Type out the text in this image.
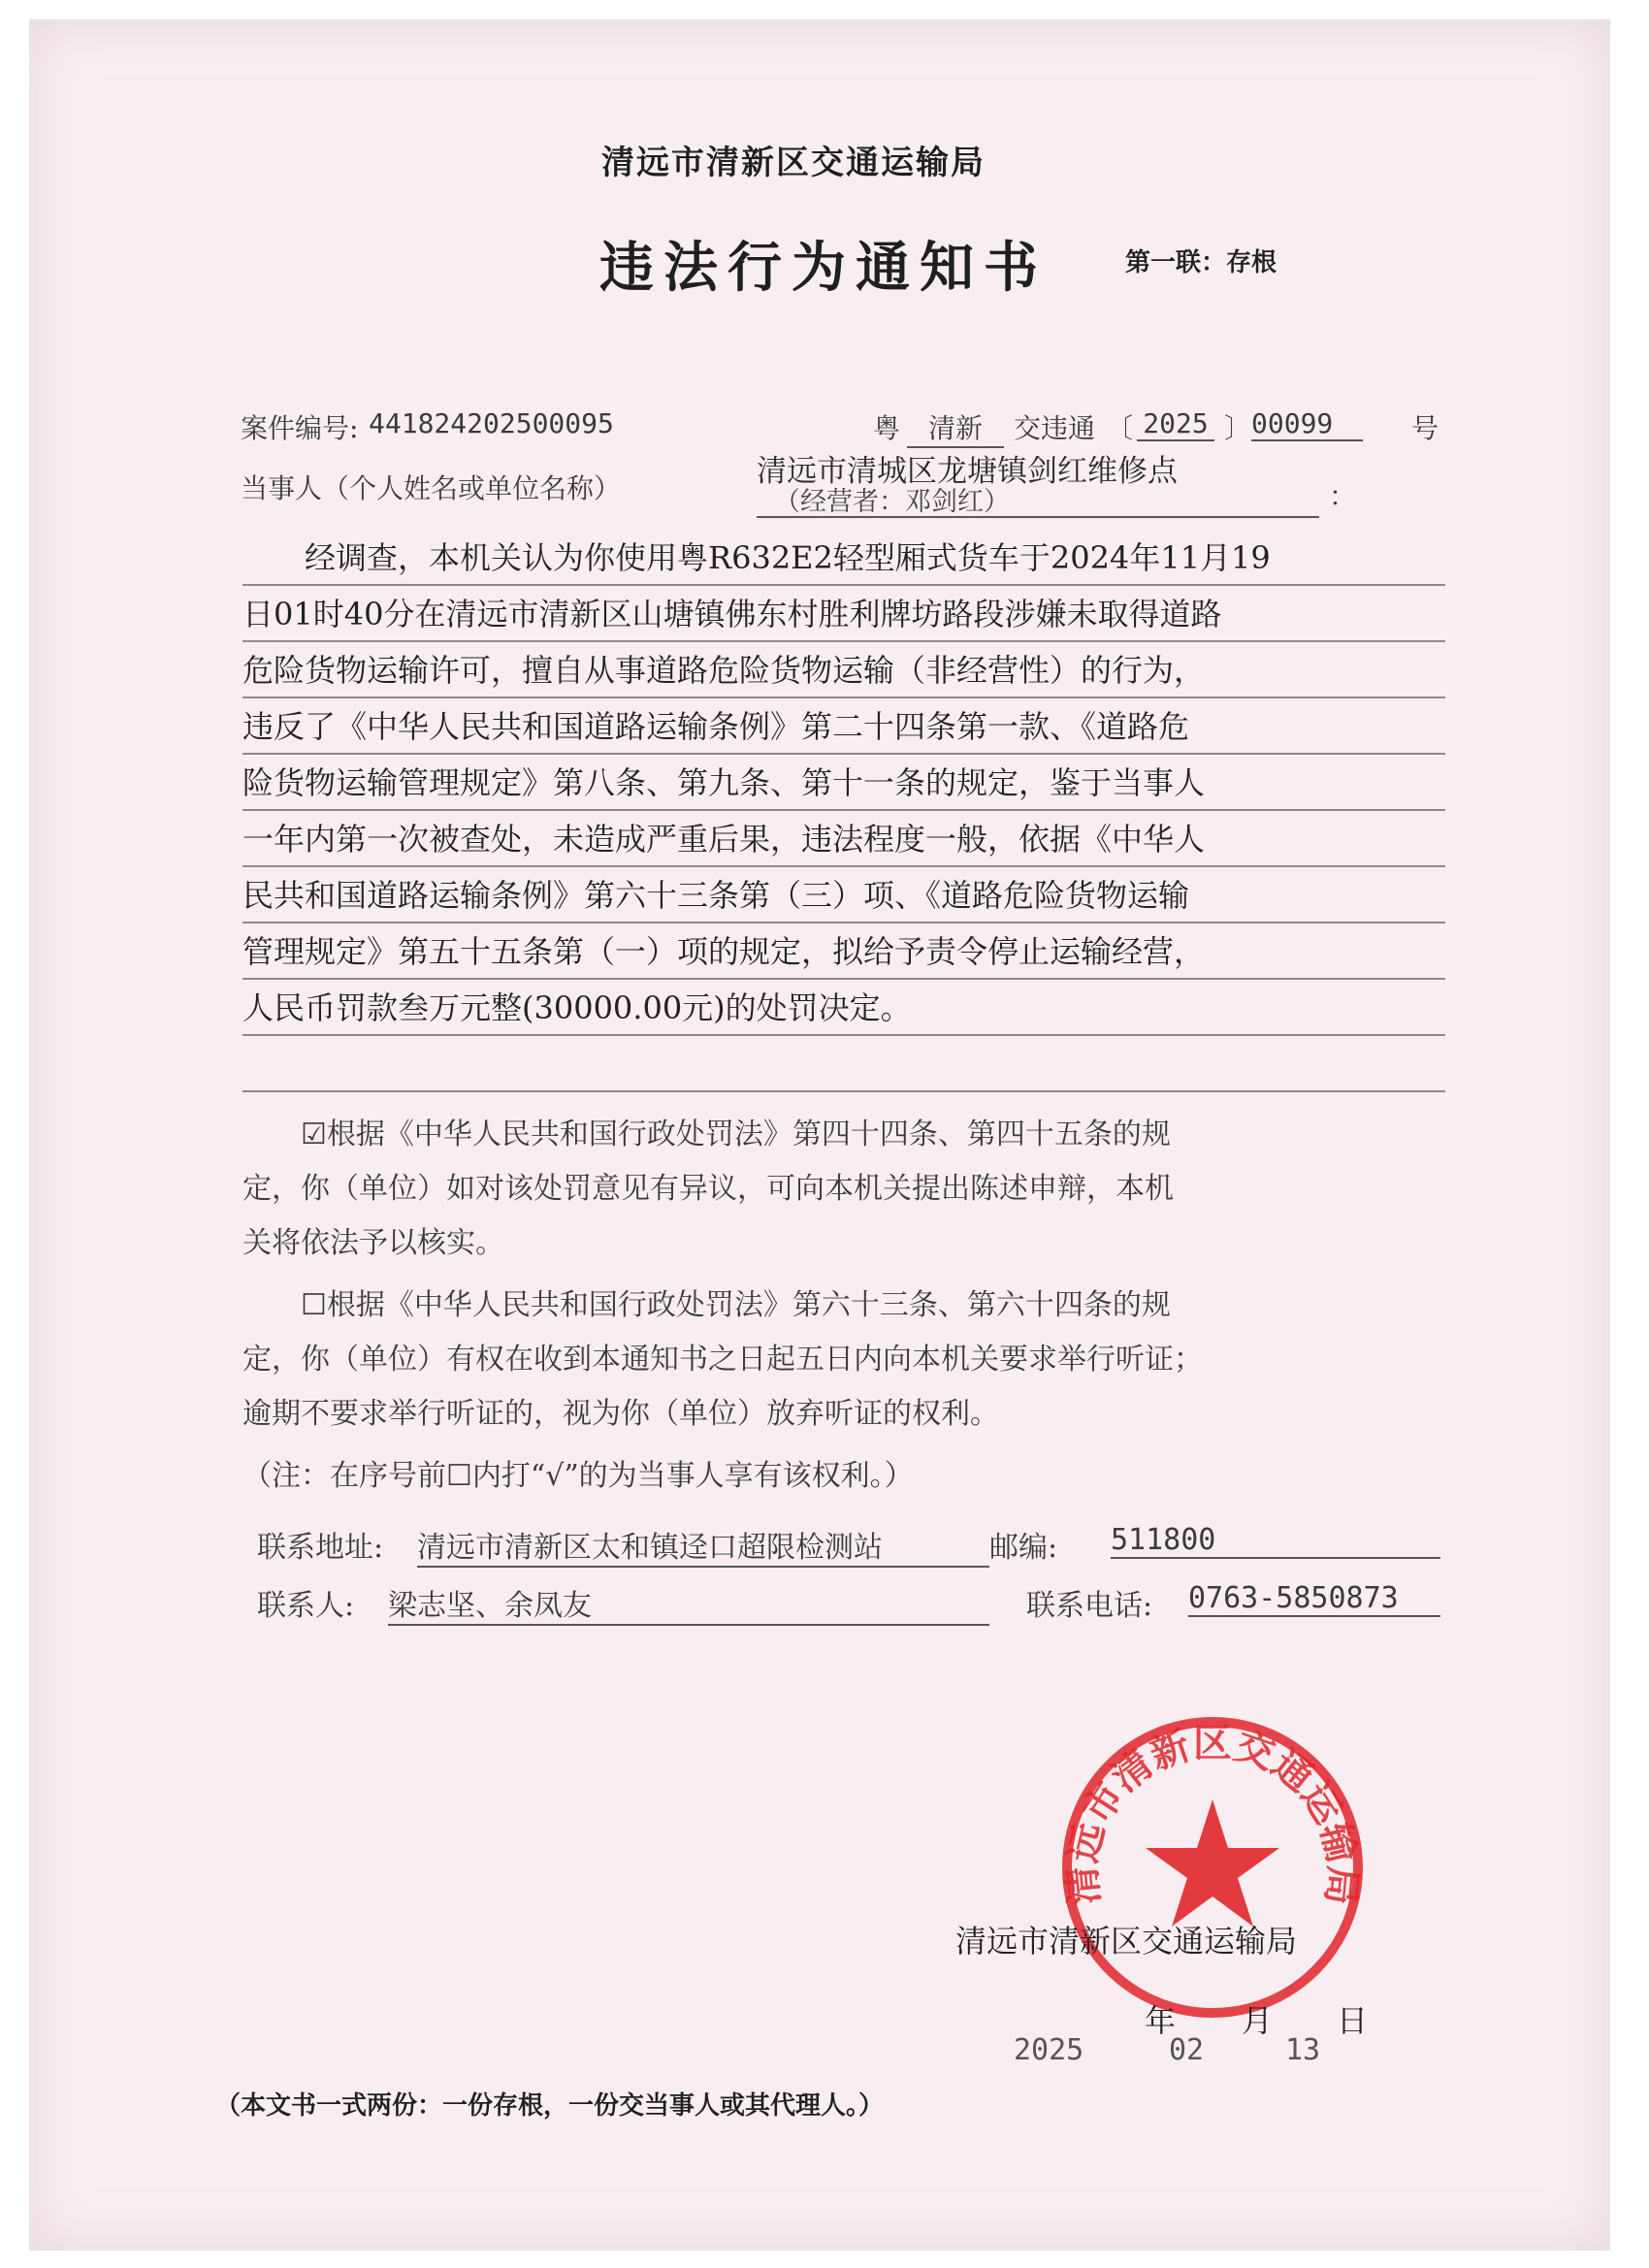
清远市清新区交通运输局
违法行为通知书	第一联：存根
案件编号: 441824202500095	粤	清新	交违通 〔 2025 〕 00099	号
当事人（个人姓名或单位名称）	清远市清城区龙塘镇剑红维修点
（经营者：邓剑红）	：
　　经调查，本机关认为你使用粤R632E2轻型厢式货车于2024年11月19
日01时40分在清远市清新区山塘镇佛东村胜利牌坊路段涉嫌未取得道路
危险货物运输许可，擅自从事道路危险货物运输（非经营性）的行为，
违反了《中华人民共和国道路运输条例》第二十四条第一款、《道路危
险货物运输管理规定》第八条、第九条、第十一条的规定，鉴于当事人
一年内第一次被查处，未造成严重后果，违法程度一般，依据《中华人
民共和国道路运输条例》第六十三条第（三）项、《道路危险货物运输
管理规定》第五十五条第（一）项的规定，拟给予责令停止运输经营，
人民币罚款叁万元整(30000.00元)的处罚决定。
　　☑根据《中华人民共和国行政处罚法》第四十四条、第四十五条的规
定，你（单位）如对该处罚意见有异议，可向本机关提出陈述申辩，本机
关将依法予以核实。
　　☐根据《中华人民共和国行政处罚法》第六十三条、第六十四条的规
定，你（单位）有权在收到本通知书之日起五日内向本机关要求举行听证；
逾期不要求举行听证的，视为你（单位）放弃听证的权利。
（注：在序号前☐内打“√”的为当事人享有该权利。）
联系地址: 清远市清新区太和镇迳口超限检测站	邮编: 511800
联系人: 梁志坚、余凤友	联系电话: 0763-5850873
清远市清新区交通运输局
清远市清新区交通运输局
年 月 日
2025	02	13
（本文书一式两份：一份存根，一份交当事人或其代理人。）
